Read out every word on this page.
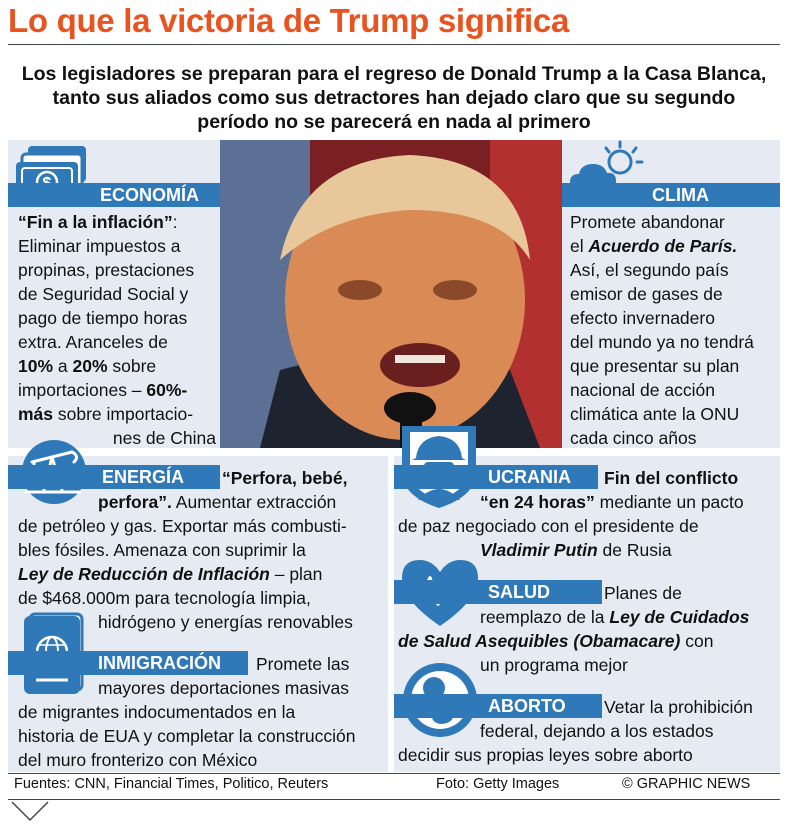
Lo que la victoria de Trump significa
Los legisladores se preparan para el regreso de Donald Trump a la Casa Blanca, tanto sus aliados como sus detractores han dejado claro que su segundo período no se parecerá en nada al primero
ECONOMÍA
“Fin a la inflación”:
Eliminar impuestos a
propinas, prestaciones
de Seguridad Social y
pago de tiempo horas
extra. Aranceles de
10% a 20% sobre
importaciones – 60%-
más sobre importacio-
nes de China
CLIMA
Promete abandonar
el Acuerdo de París.
Así, el segundo país
emisor de gases de
efecto invernadero
del mundo ya no tendrá
que presentar su plan
nacional de acción
climática ante la ONU
cada cinco años
ENERGÍA	“Perfora, bebé,
perfora”. Aumentar extracción
de petróleo y gas. Exportar más combusti-
bles fósiles. Amenaza con suprimir la
Ley de Reducción de Inflación – plan
de $468.000m para tecnología limpia,
hidrógeno y energías renovables
INMIGRACIÓN	Promete las
mayores deportaciones masivas
de migrantes indocumentados en la
historia de EUA y completar la construcción
del muro fronterizo con México
UCRANIA	Fin del conflicto
“en 24 horas” mediante un pacto
de paz negociado con el presidente de
Vladimir Putin de Rusia
SALUD	Planes de
reemplazo de la Ley de Cuidados
de Salud Asequibles (Obamacare) con
un programa mejor
ABORTO	Vetar la prohibición
federal, dejando a los estados
decidir sus propias leyes sobre aborto
Fuentes: CNN, Financial Times, Politico, Reuters	Foto: Getty Images	© GRAPHIC NEWS
